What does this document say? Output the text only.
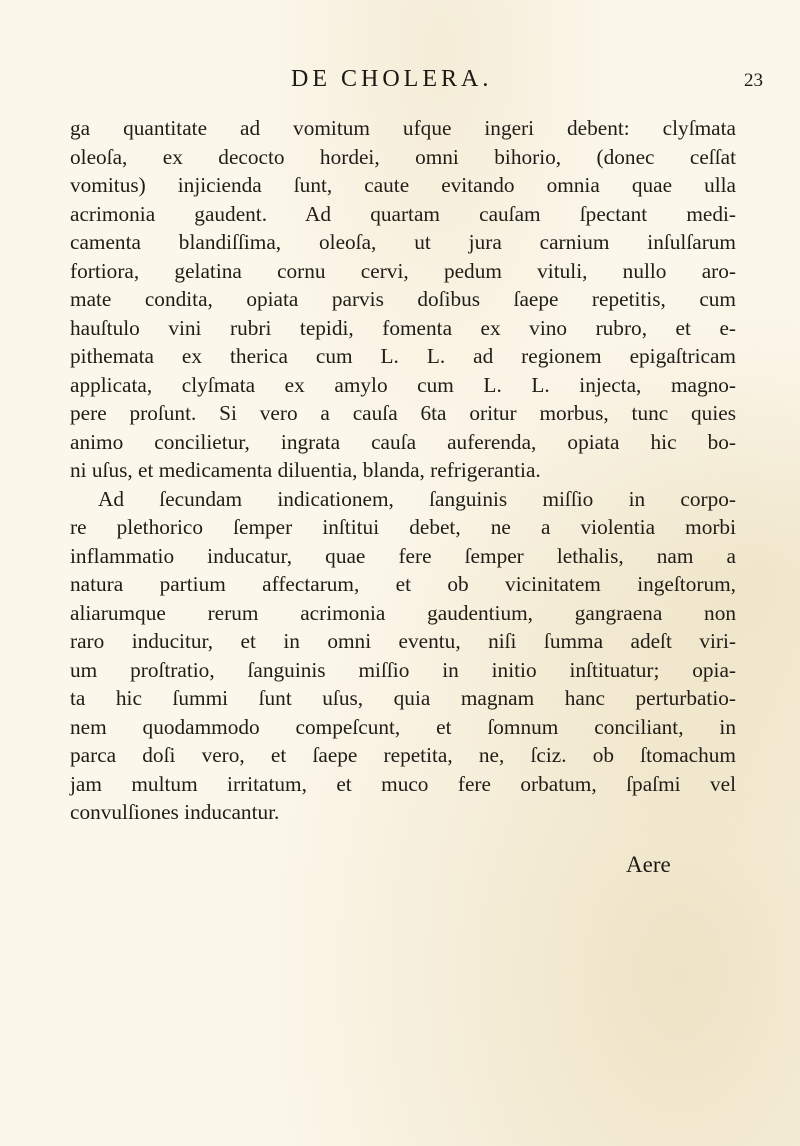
DE CHOLERA.	23
ga quantitate ad vomitum ufque ingeri debent: clyſmata
oleoſa, ex decocto hordei, omni bihorio, (donec ceſſat
vomitus) injicienda ſunt, caute evitando omnia quae ulla
acrimonia gaudent. Ad quartam cauſam ſpectant medi-
camenta blandiſſima, oleoſa, ut jura carnium inſulſarum
fortiora, gelatina cornu cervi, pedum vituli, nullo aro-
mate condita, opiata parvis doſibus ſaepe repetitis, cum
hauſtulo vini rubri tepidi, fomenta ex vino rubro, et e-
pithemata ex therica cum L. L. ad regionem epigaſtricam
applicata, clyſmata ex amylo cum L. L. injecta, magno-
pere proſunt. Si vero a cauſa 6ta oritur morbus, tunc quies
animo concilietur, ingrata cauſa auferenda, opiata hic bo-
ni uſus, et medicamenta diluentia, blanda, refrigerantia.
Ad ſecundam indicationem, ſanguinis miſſio in corpo-
re plethorico ſemper inſtitui debet, ne a violentia morbi
inflammatio inducatur, quae fere ſemper lethalis, nam a
natura partium affectarum, et ob vicinitatem ingeſtorum,
aliarumque rerum acrimonia gaudentium, gangraena non
raro inducitur, et in omni eventu, niſi ſumma adeſt viri-
um proſtratio, ſanguinis miſſio in initio inſtituatur; opia-
ta hic ſummi ſunt uſus, quia magnam hanc perturbatio-
nem quodammodo compeſcunt, et ſomnum conciliant, in
parca doſi vero, et ſaepe repetita, ne, ſciz. ob ſtomachum
jam multum irritatum, et muco fere orbatum, ſpaſmi vel
convulſiones inducantur.
Aere
